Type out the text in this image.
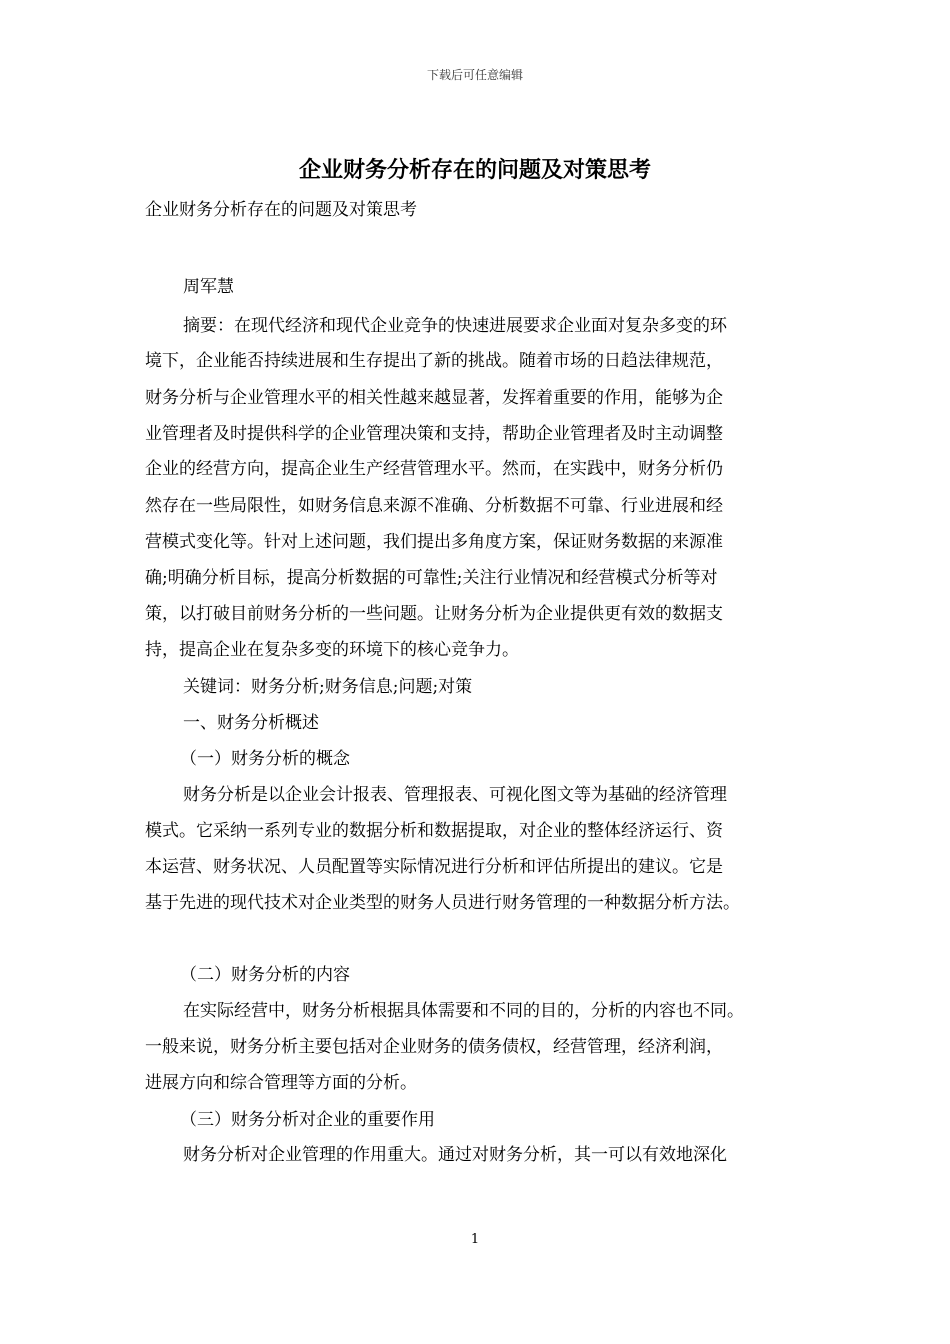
下载后可任意编辑
企业财务分析存在的问题及对策思考
企业财务分析存在的问题及对策思考
周军慧
摘要：在现代经济和现代企业竞争的快速进展要求企业面对复杂多变的环
境下，企业能否持续进展和生存提出了新的挑战。随着市场的日趋法律规范，
财务分析与企业管理水平的相关性越来越显著，发挥着重要的作用，能够为企
业管理者及时提供科学的企业管理决策和支持，帮助企业管理者及时主动调整
企业的经营方向，提高企业生产经营管理水平。然而，在实践中，财务分析仍
然存在一些局限性，如财务信息来源不准确、分析数据不可靠、行业进展和经
营模式变化等。针对上述问题，我们提出多角度方案，保证财务数据的来源准
确;明确分析目标，提高分析数据的可靠性;关注行业情况和经营模式分析等对
策，以打破目前财务分析的一些问题。让财务分析为企业提供更有效的数据支
持，提高企业在复杂多变的环境下的核心竞争力。
关键词：财务分析;财务信息;问题;对策
一、财务分析概述
（一）财务分析的概念
财务分析是以企业会计报表、管理报表、可视化图文等为基础的经济管理
模式。它采纳一系列专业的数据分析和数据提取，对企业的整体经济运行、资
本运营、财务状况、人员配置等实际情况进行分析和评估所提出的建议。它是
基于先进的现代技术对企业类型的财务人员进行财务管理的一种数据分析方法。
（二）财务分析的内容
在实际经营中，财务分析根据具体需要和不同的目的，分析的内容也不同。
一般来说，财务分析主要包括对企业财务的债务债权，经营管理，经济利润，
进展方向和综合管理等方面的分析。
（三）财务分析对企业的重要作用
财务分析对企业管理的作用重大。通过对财务分析，其一可以有效地深化
1
